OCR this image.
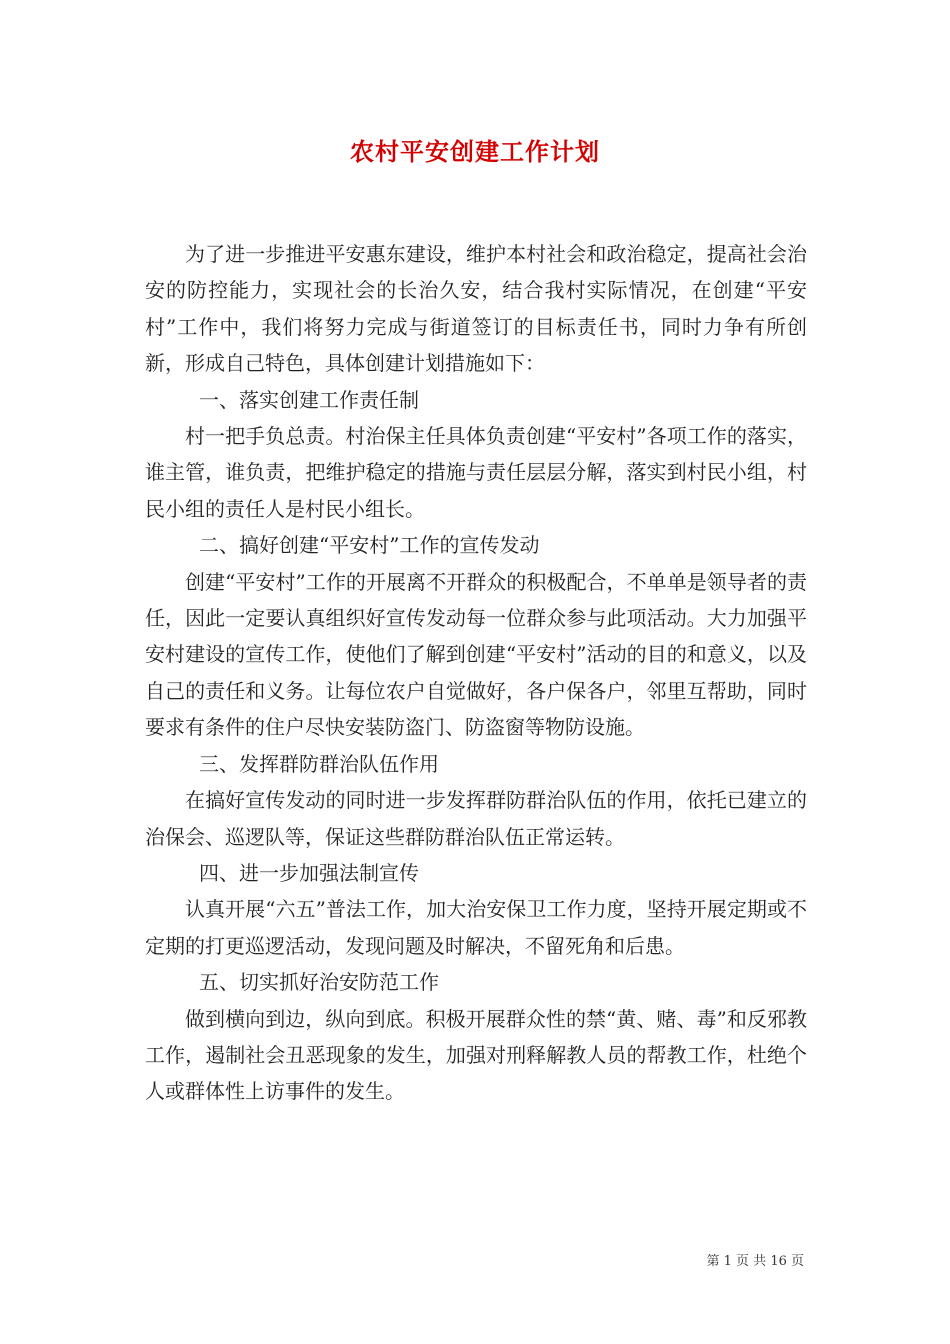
农村平安创建工作计划

为了进一步推进平安惠东建设，维护本村社会和政治稳定，提高社会治安的防控能力，实现社会的长治久安，结合我村实际情况，在创建“平安村”工作中，我们将努力完成与街道签订的目标责任书，同时力争有所创新，形成自己特色，具体创建计划措施如下：

一、落实创建工作责任制

村一把手负总责。村治保主任具体负责创建“平安村”各项工作的落实，谁主管，谁负责，把维护稳定的措施与责任层层分解，落实到村民小组，村民小组的责任人是村民小组长。

二、搞好创建“平安村”工作的宣传发动

创建“平安村”工作的开展离不开群众的积极配合，不单单是领导者的责任，因此一定要认真组织好宣传发动每一位群众参与此项活动。大力加强平安村建设的宣传工作，使他们了解到创建“平安村”活动的目的和意义，以及自己的责任和义务。让每位农户自觉做好，各户保各户，邻里互帮助，同时要求有条件的住户尽快安装防盗门、防盗窗等物防设施。

三、发挥群防群治队伍作用

在搞好宣传发动的同时进一步发挥群防群治队伍的作用，依托已建立的治保会、巡逻队等，保证这些群防群治队伍正常运转。

四、进一步加强法制宣传

认真开展“六五”普法工作，加大治安保卫工作力度，坚持开展定期或不定期的打更巡逻活动，发现问题及时解决，不留死角和后患。

五、切实抓好治安防范工作

做到横向到边，纵向到底。积极开展群众性的禁“黄、赌、毒”和反邪教工作，遏制社会丑恶现象的发生，加强对刑释解教人员的帮教工作，杜绝个人或群体性上访事件的发生。

第 1 页 共 16 页
